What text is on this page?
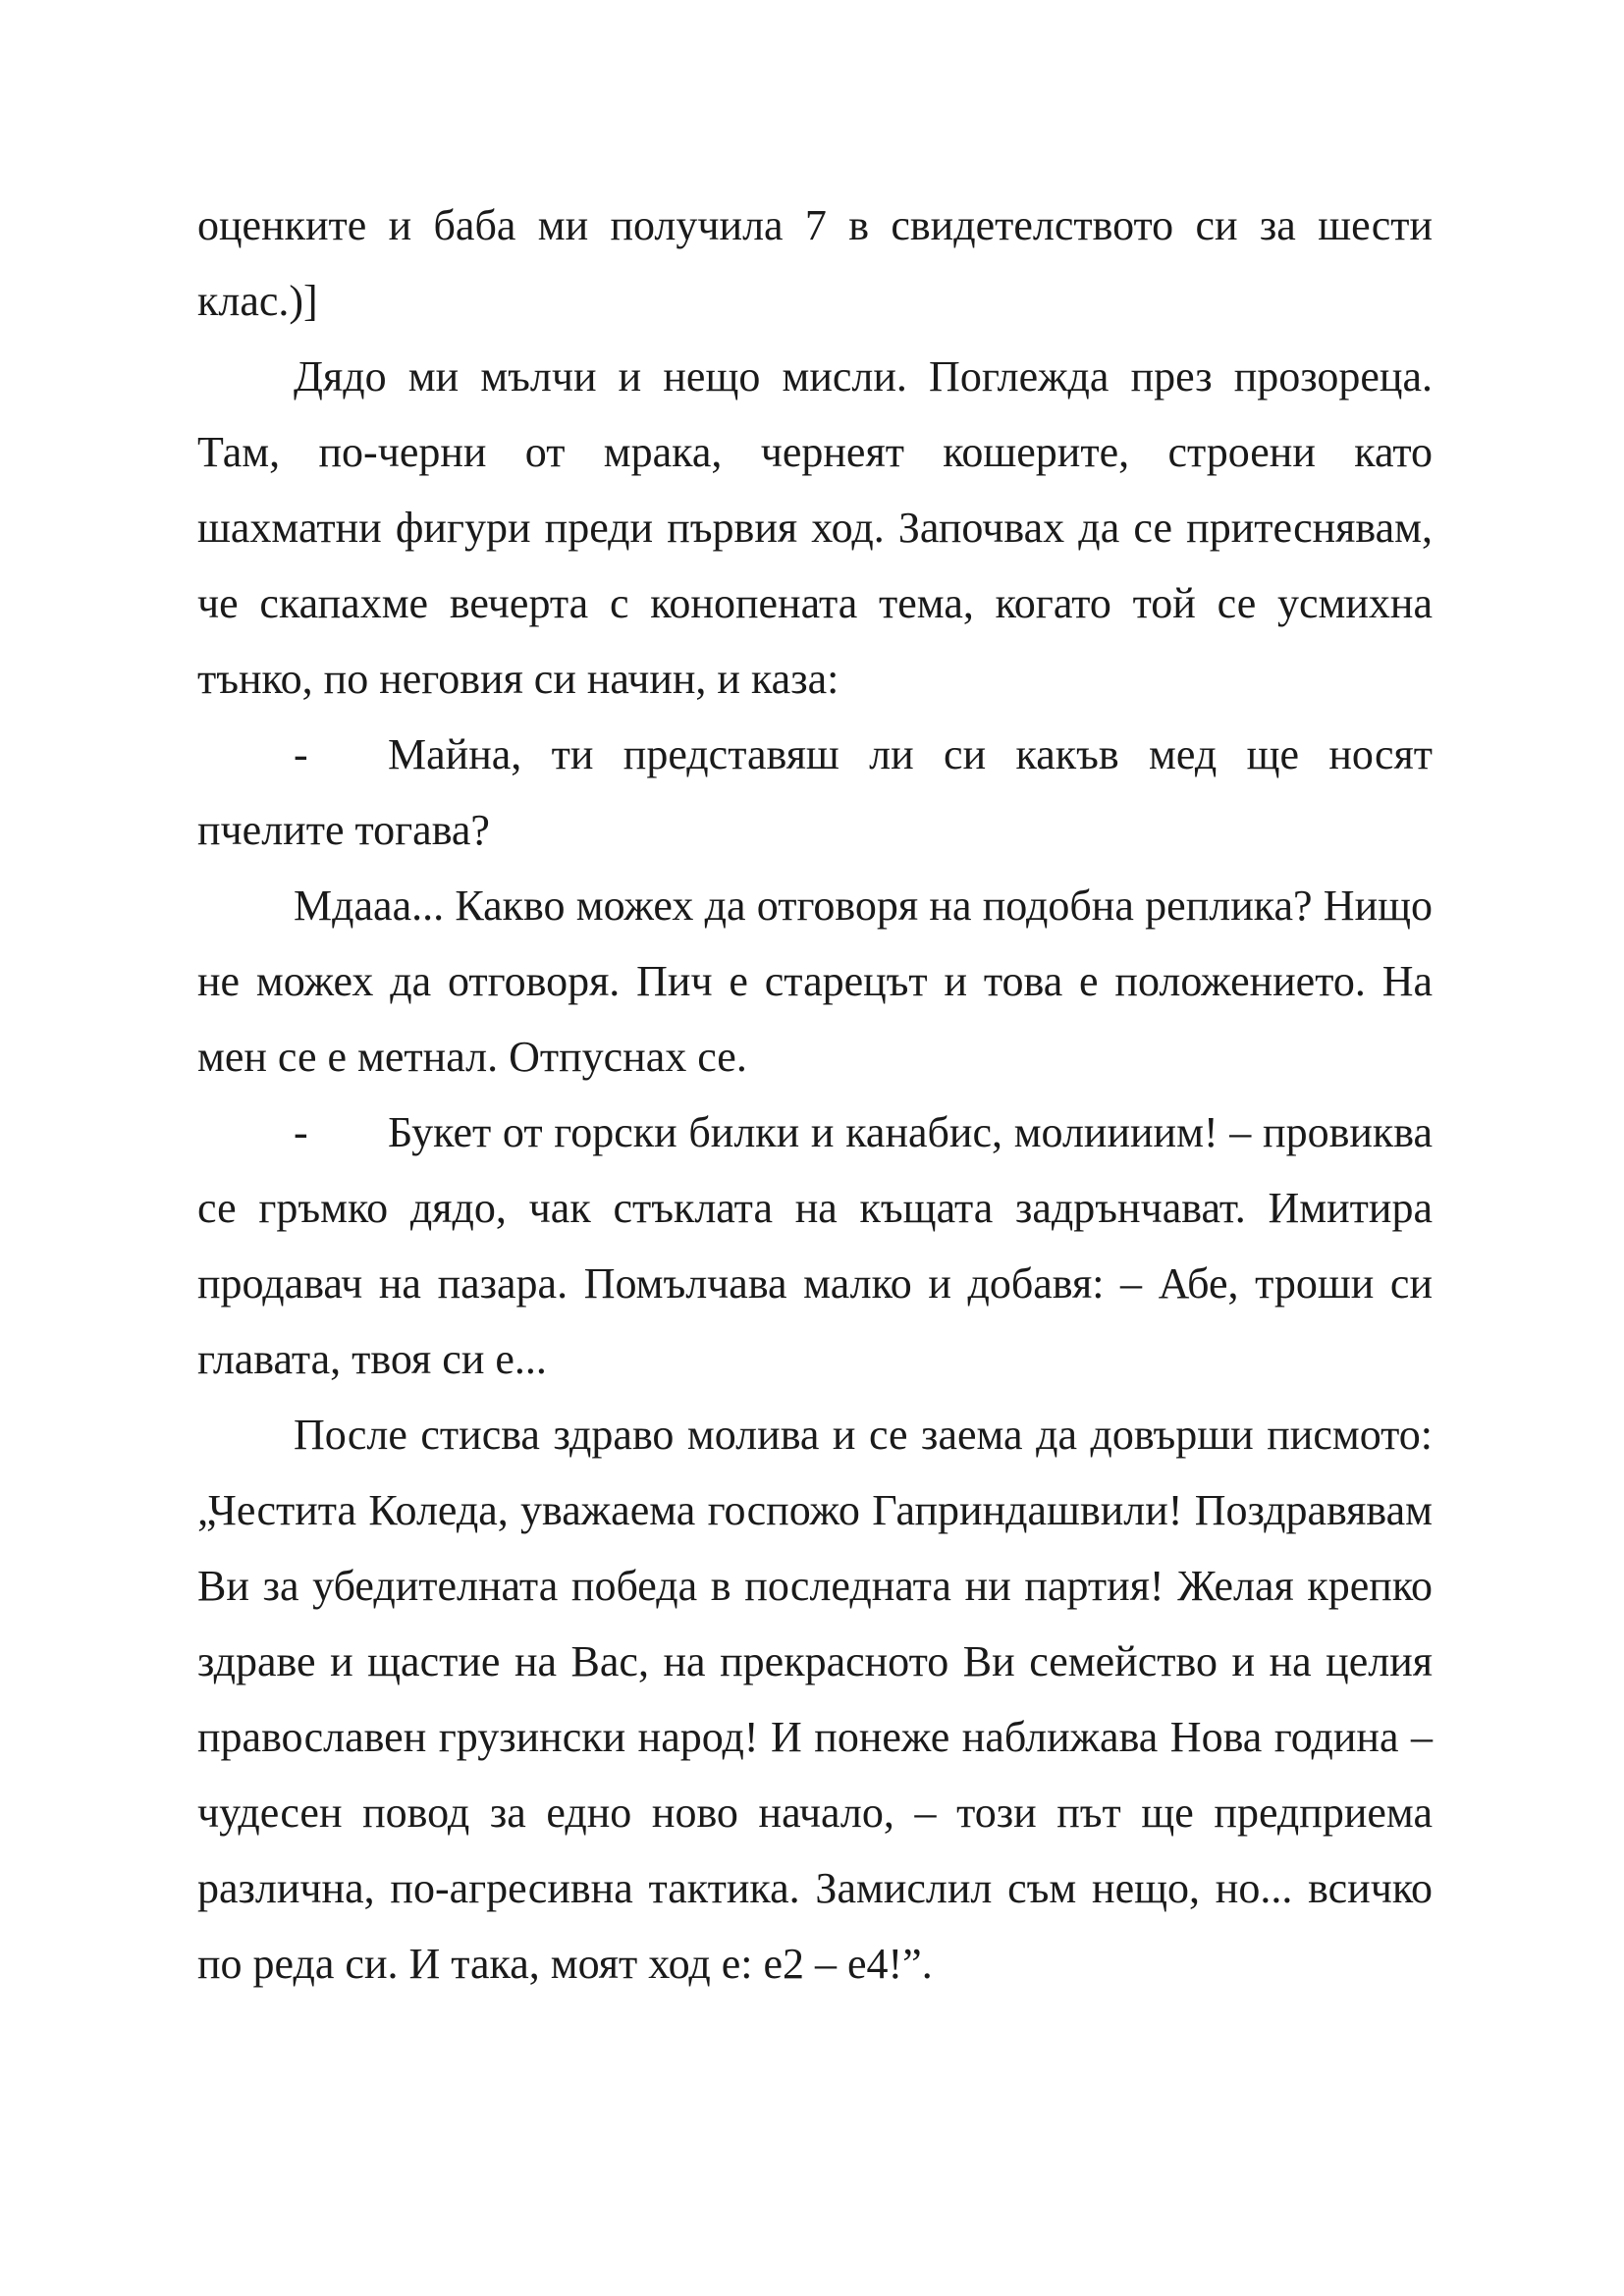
оценките и баба ми получила 7 в свидетелството си за шести клас.)]

Дядо ми мълчи и нещо мисли. Поглежда през прозореца. Там, по-черни от мрака, чернеят кошерите, строени като шахматни фигури преди първия ход. Започвах да се притеснявам, че скапахме вечерта с конопената тема, когато той се усмихна тънко, по неговия си начин, и каза:

- Майна, ти представяш ли си какъв мед ще носят пчелите тогава?

Мдааа... Какво можех да отговоря на подобна реплика? Нищо не можех да отговоря. Пич е старецът и това е положението. На мен се е метнал. Отпуснах се.

- Букет от горски билки и канабис, молиииим! – провиква се гръмко дядо, чак стъклата на къщата задрънчават. Имитира продавач на пазара. Помълчава малко и добавя: – Абе, троши си главата, твоя си е...

После стисва здраво молива и се заема да довърши писмото: „Честита Коледа, уважаема госпожо Гаприндашвили! Поздравявам Ви за убедителната победа в последната ни партия! Желая крепко здраве и щастие на Вас, на прекрасното Ви семейство и на целия православен грузински народ! И понеже наближава Нова година – чудесен повод за едно ново начало, – този път ще предприема различна, по-агресивна тактика. Замислил съм нещо, но... всичко по реда си. И така, моят ход е: е2 – е4!”.
